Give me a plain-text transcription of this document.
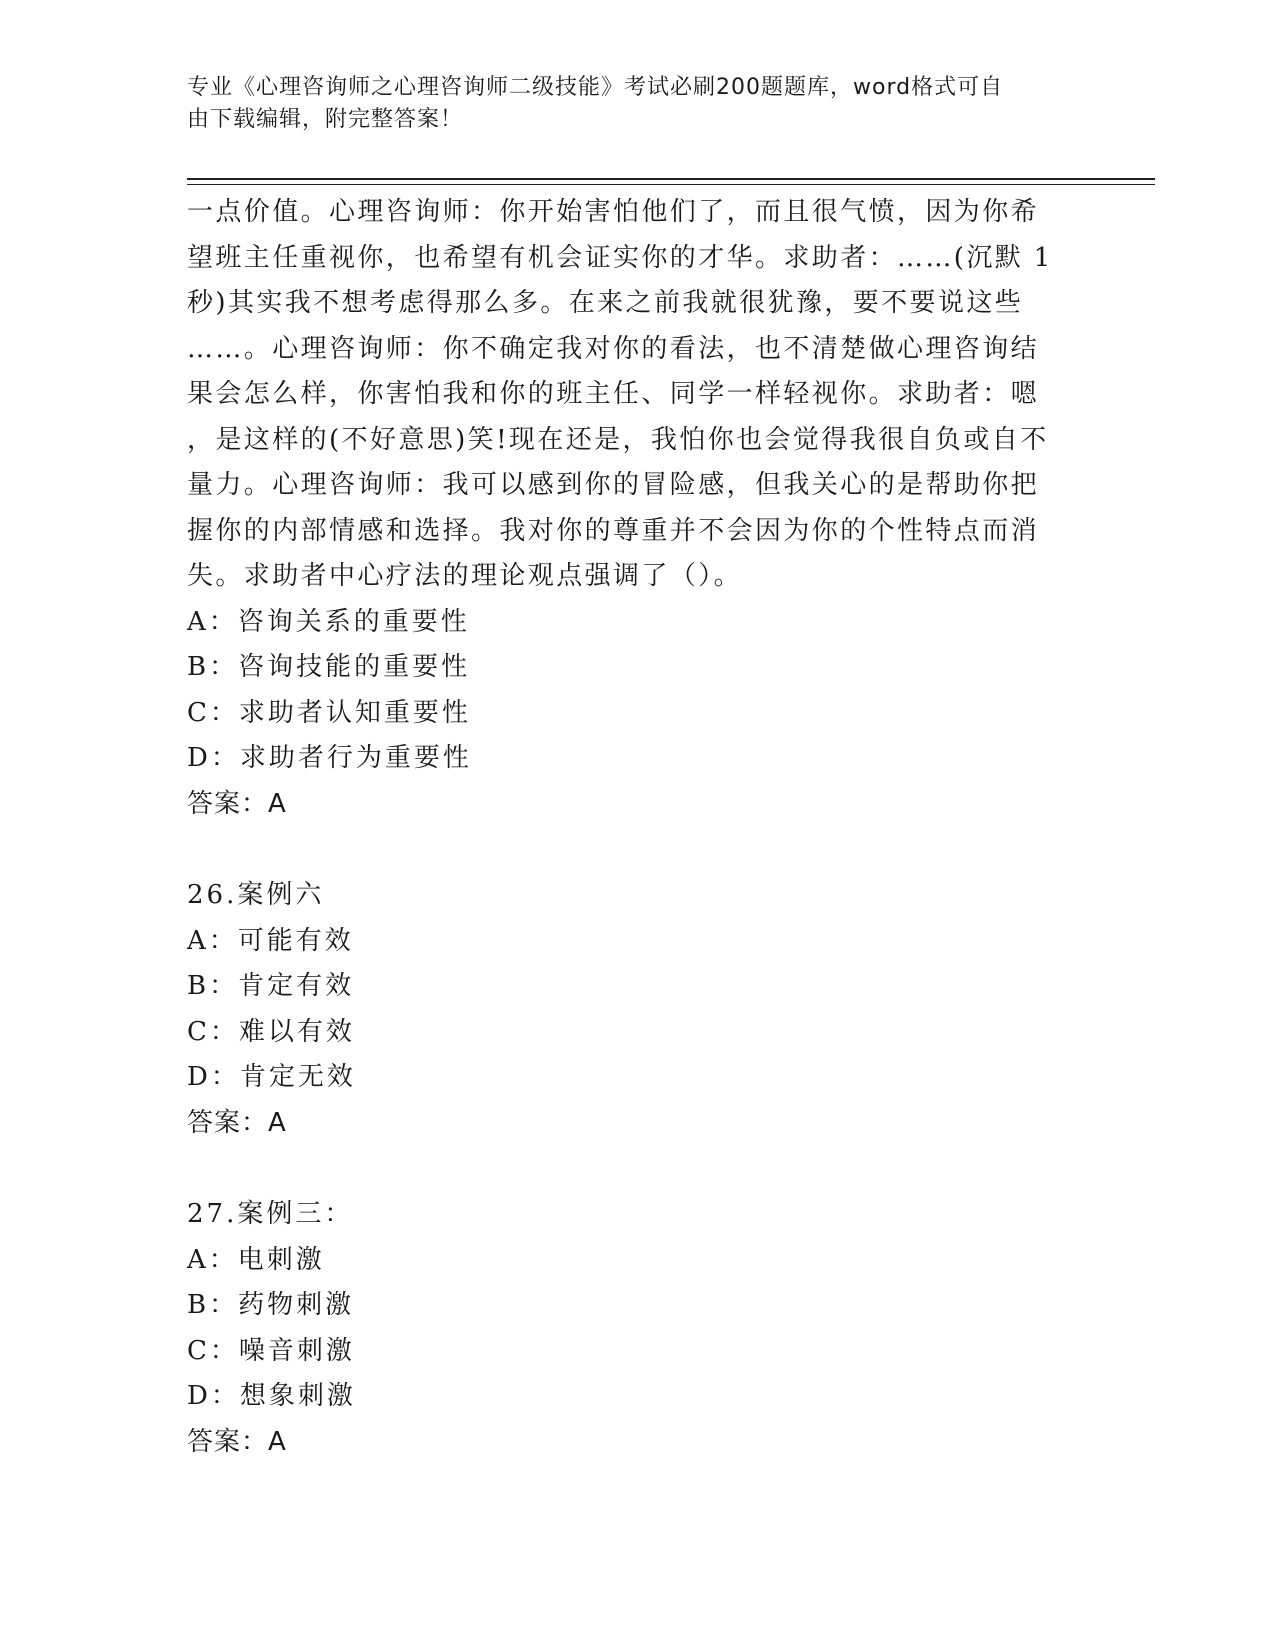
专业《心理咨询师之心理咨询师二级技能》考试必刷200题题库，word格式可自
由下载编辑，附完整答案！
一点价值。心理咨询师：你开始害怕他们了，而且很气愤，因为你希
望班主任重视你，也希望有机会证实你的才华。求助者：……(沉默 1
秒)其实我不想考虑得那么多。在来之前我就很犹豫，要不要说这些
……。心理咨询师：你不确定我对你的看法，也不清楚做心理咨询结
果会怎么样，你害怕我和你的班主任、同学一样轻视你。求助者：嗯
，是这样的(不好意思)笑!现在还是，我怕你也会觉得我很自负或自不
量力。心理咨询师：我可以感到你的冒险感，但我关心的是帮助你把
握你的内部情感和选择。我对你的尊重并不会因为你的个性特点而消
失。求助者中心疗法的理论观点强调了（）。
A：咨询关系的重要性
B：咨询技能的重要性
C：求助者认知重要性
D：求助者行为重要性
答案：A
26.案例六
A：可能有效
B：肯定有效
C：难以有效
D：肯定无效
答案：A
27.案例三：
A：电刺激
B：药物刺激
C：噪音刺激
D：想象刺激
答案：A
